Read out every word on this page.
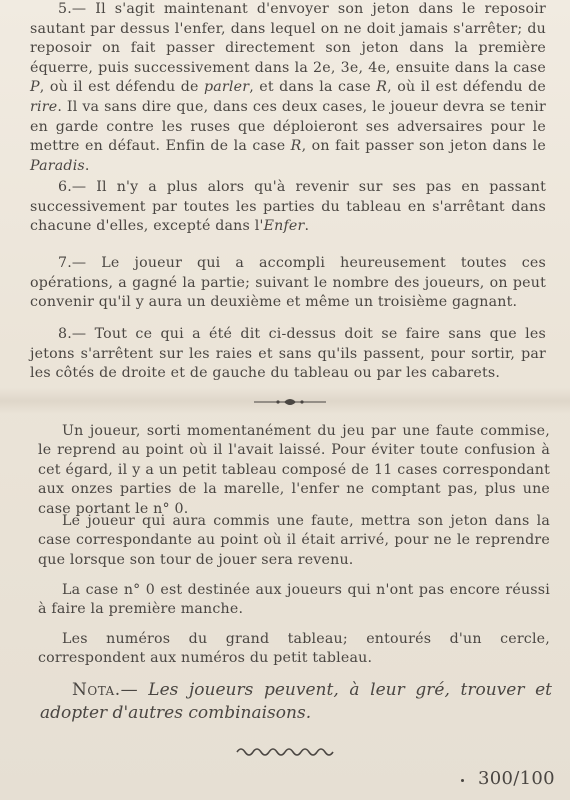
5.— Il s'agit maintenant d'envoyer son jeton dans le reposoir sautant par dessus l'enfer, dans lequel on ne doit jamais s'arrêter; du reposoir on fait passer directement son jeton dans la première équerre, puis successivement dans la 2e, 3e, 4e, ensuite dans la case P, où il est défendu de parler, et dans la case R, où il est défendu de rire. Il va sans dire que, dans ces deux cases, le joueur devra se tenir en garde contre les ruses que déploieront ses adversaires pour le mettre en défaut. Enfin de la case R, on fait passer son jeton dans le Paradis.

6.— Il n'y a plus alors qu'à revenir sur ses pas en passant successivement par toutes les parties du tableau en s'arrêtant dans chacune d'elles, excepté dans l'Enfer.

7.— Le joueur qui a accompli heureusement toutes ces opérations, a gagné la partie; suivant le nombre des joueurs, on peut convenir qu'il y aura un deuxième et même un troisième gagnant.

8.— Tout ce qui a été dit ci-dessus doit se faire sans que les jetons s'arrêtent sur les raies et sans qu'ils passent, pour sortir, par les côtés de droite et de gauche du tableau ou par les cabarets.

Un joueur, sorti momentanément du jeu par une faute commise, le reprend au point où il l'avait laissé. Pour éviter toute confusion à cet égard, il y a un petit tableau composé de 11 cases correspondant aux onzes parties de la marelle, l'enfer ne comptant pas, plus une case portant le n° 0.

Le joueur qui aura commis une faute, mettra son jeton dans la case correspondante au point où il était arrivé, pour ne le reprendre que lorsque son tour de jouer sera revenu.

La case n° 0 est destinée aux joueurs qui n'ont pas encore réussi à faire la première manche.

Les numéros du grand tableau; entourés d'un cercle, correspondent aux numéros du petit tableau.

Nota.— Les joueurs peuvent, à leur gré, trouver et adopter d'autres combinaisons.

300/100
